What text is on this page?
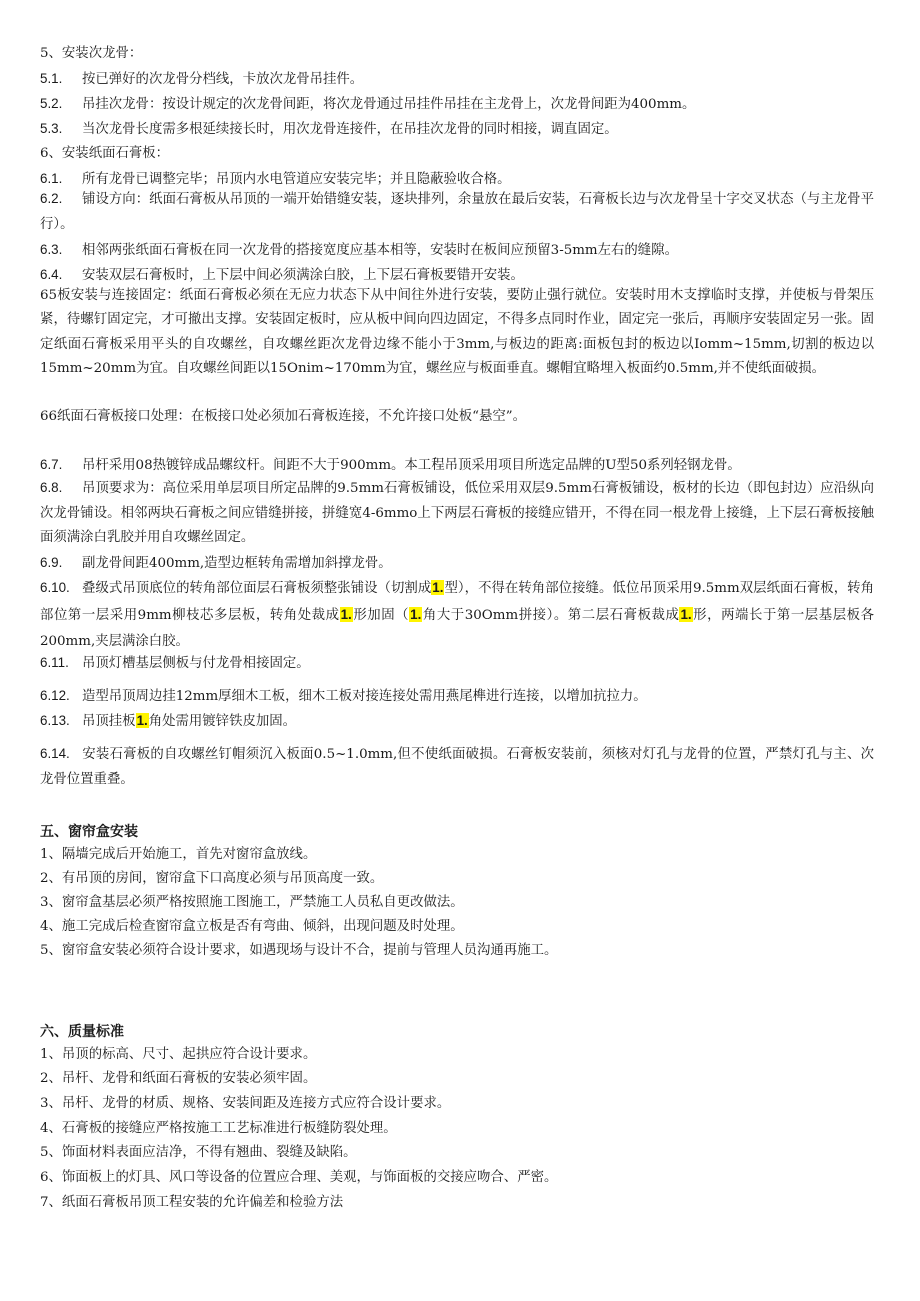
5、安装次龙骨：
5.1. 按已弹好的次龙骨分档线，卡放次龙骨吊挂件。
5.2. 吊挂次龙骨：按设计规定的次龙骨间距，将次龙骨通过吊挂件吊挂在主龙骨上，次龙骨间距为400mm。
5.3. 当次龙骨长度需多根延续接长时，用次龙骨连接件，在吊挂次龙骨的同时相接，调直固定。
6、安装纸面石膏板：
6.1. 所有龙骨已调整完毕；吊顶内水电管道应安装完毕；并且隐蔽验收合格。
6.2. 铺设方向：纸面石膏板从吊顶的一端开始错缝安装，逐块排列，余量放在最后安装，石膏板长边与次龙骨呈十字交叉状态（与主龙骨平行）。
6.3. 相邻两张纸面石膏板在同一次龙骨的搭接宽度应基本相等，安装时在板间应预留3-5mm左右的缝隙。
6.4. 安装双层石膏板时，上下层中间必须满涂白胶，上下层石膏板要错开安装。
65板安装与连接固定：纸面石膏板必须在无应力状态下从中间往外进行安装，要防止强行就位。安装时用木支撑临时支撑，并使板与骨架压紧，待螺钉固定完，才可撤出支撑。安装固定板时，应从板中间向四边固定，不得多点同时作业，固定完一张后，再顺序安装固定另一张。固定纸面石膏板采用平头的自攻螺丝，自攻螺丝距次龙骨边缘不能小于3mm,与板边的距离:面板包封的板边以Iomm~15mm,切割的板边以15mm~20mm为宜。自攻螺丝间距以15Onim~170mm为宜，螺丝应与板面垂直。螺帽宜略埋入板面约0.5mm,并不使纸面破损。
66纸面石膏板接口处理：在板接口处必须加石膏板连接，不允许接口处板“悬空”。
6.7. 吊杆采用08热镀锌成品螺纹杆。间距不大于900mm。本工程吊顶采用项目所选定品牌的U型50系列轻钢龙骨。
6.8. 吊顶要求为：高位采用单层项目所定品牌的9.5mm石膏板铺设，低位采用双层9.5mm石膏板铺设，板材的长边（即包封边）应沿纵向次龙骨铺设。相邻两块石膏板之间应错缝拼接，拼缝宽4-6mmo上下两层石膏板的接缝应错开，不得在同一根龙骨上接缝，上下层石膏板接触面须满涂白乳胶并用自攻螺丝固定。
6.9. 副龙骨间距400mm,造型边框转角需增加斜撑龙骨。
6.10. 叠级式吊顶底位的转角部位面层石膏板须整张铺设（切割成1.型），不得在转角部位接缝。低位吊顶采用9.5mm双层纸面石膏板，转角部位第一层采用9mm柳枝芯多层板，转角处裁成1.形加固（1.角大于30Omm拼接）。第二层石膏板裁成1.形，两端长于第一层基层板各200mm,夹层满涂白胶。
6.11. 吊顶灯槽基层侧板与付龙骨相接固定。
6.12. 造型吊顶周边挂12mm厚细木工板，细木工板对接连接处需用燕尾榫进行连接，以增加抗拉力。
6.13. 吊顶挂板1.角处需用镀锌铁皮加固。
6.14. 安装石膏板的自攻螺丝钉帽须沉入板面0.5~1.0mm,但不使纸面破损。石膏板安装前，须核对灯孔与龙骨的位置，严禁灯孔与主、次龙骨位置重叠。
五、窗帘盒安装
1、隔墙完成后开始施工，首先对窗帘盒放线。
2、有吊顶的房间，窗帘盒下口高度必须与吊顶高度一致。
3、窗帘盒基层必须严格按照施工图施工，严禁施工人员私自更改做法。
4、施工完成后检查窗帘盒立板是否有弯曲、倾斜，出现问题及时处理。
5、窗帘盒安装必须符合设计要求，如遇现场与设计不合，提前与管理人员沟通再施工。
六、质量标准
1、吊顶的标高、尺寸、起拱应符合设计要求。
2、吊杆、龙骨和纸面石膏板的安装必须牢固。
3、吊杆、龙骨的材质、规格、安装间距及连接方式应符合设计要求。
4、石膏板的接缝应严格按施工工艺标准进行板缝防裂处理。
5、饰面材料表面应洁净，不得有翘曲、裂缝及缺陷。
6、饰面板上的灯具、风口等设备的位置应合理、美观，与饰面板的交接应吻合、严密。
7、纸面石膏板吊顶工程安装的允许偏差和检验方法
